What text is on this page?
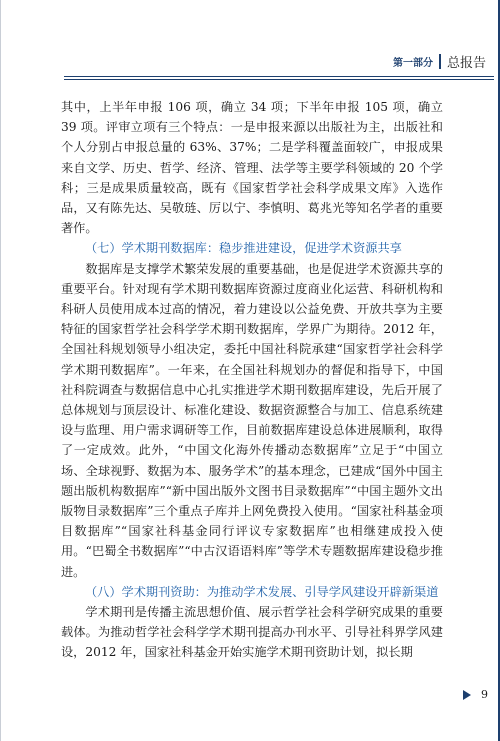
第一部分 总报告

其中，上半年申报 106 项，确立 34 项；下半年申报 105 项，确立 39 项。评审立项有三个特点：一是申报来源以出版社为主，出版社和个人分别占申报总量的 63%、37%；二是学科覆盖面较广，申报成果来自文学、历史、哲学、经济、管理、法学等主要学科领域的 20 个学科；三是成果质量较高，既有《国家哲学社会科学成果文库》入选作品，又有陈先达、吴敬琏、厉以宁、李慎明、葛兆光等知名学者的重要著作。

（七）学术期刊数据库：稳步推进建设，促进学术资源共享

数据库是支撑学术繁荣发展的重要基础，也是促进学术资源共享的重要平台。针对现有学术期刊数据库资源过度商业化运营、科研机构和科研人员使用成本过高的情况，着力建设以公益免费、开放共享为主要特征的国家哲学社会科学学术期刊数据库，学界广为期待。2012 年，全国社科规划领导小组决定，委托中国社科院承建“国家哲学社会科学学术期刊数据库”。一年来，在全国社科规划办的督促和指导下，中国社科院调查与数据信息中心扎实推进学术期刊数据库建设，先后开展了总体规划与顶层设计、标准化建设、数据资源整合与加工、信息系统建设与监理、用户需求调研等工作，目前数据库建设总体进展顺利，取得了一定成效。此外，“中国文化海外传播动态数据库”立足于“中国立场、全球视野、数据为本、服务学术”的基本理念，已建成“国外中国主题出版机构数据库”“新中国出版外文图书目录数据库”“中国主题外文出版物目录数据库”三个重点子库并上网免费投入使用。“国家社科基金项目数据库”“国家社科基金同行评议专家数据库”也相继建成投入使用。“巴蜀全书数据库”“中古汉语语料库”等学术专题数据库建设稳步推进。

（八）学术期刊资助：为推动学术发展、引导学风建设开辟新渠道

学术期刊是传播主流思想价值、展示哲学社会科学研究成果的重要载体。为推动哲学社会科学学术期刊提高办刊水平、引导社科界学风建设，2012 年，国家社科基金开始实施学术期刊资助计划，拟长期

9
